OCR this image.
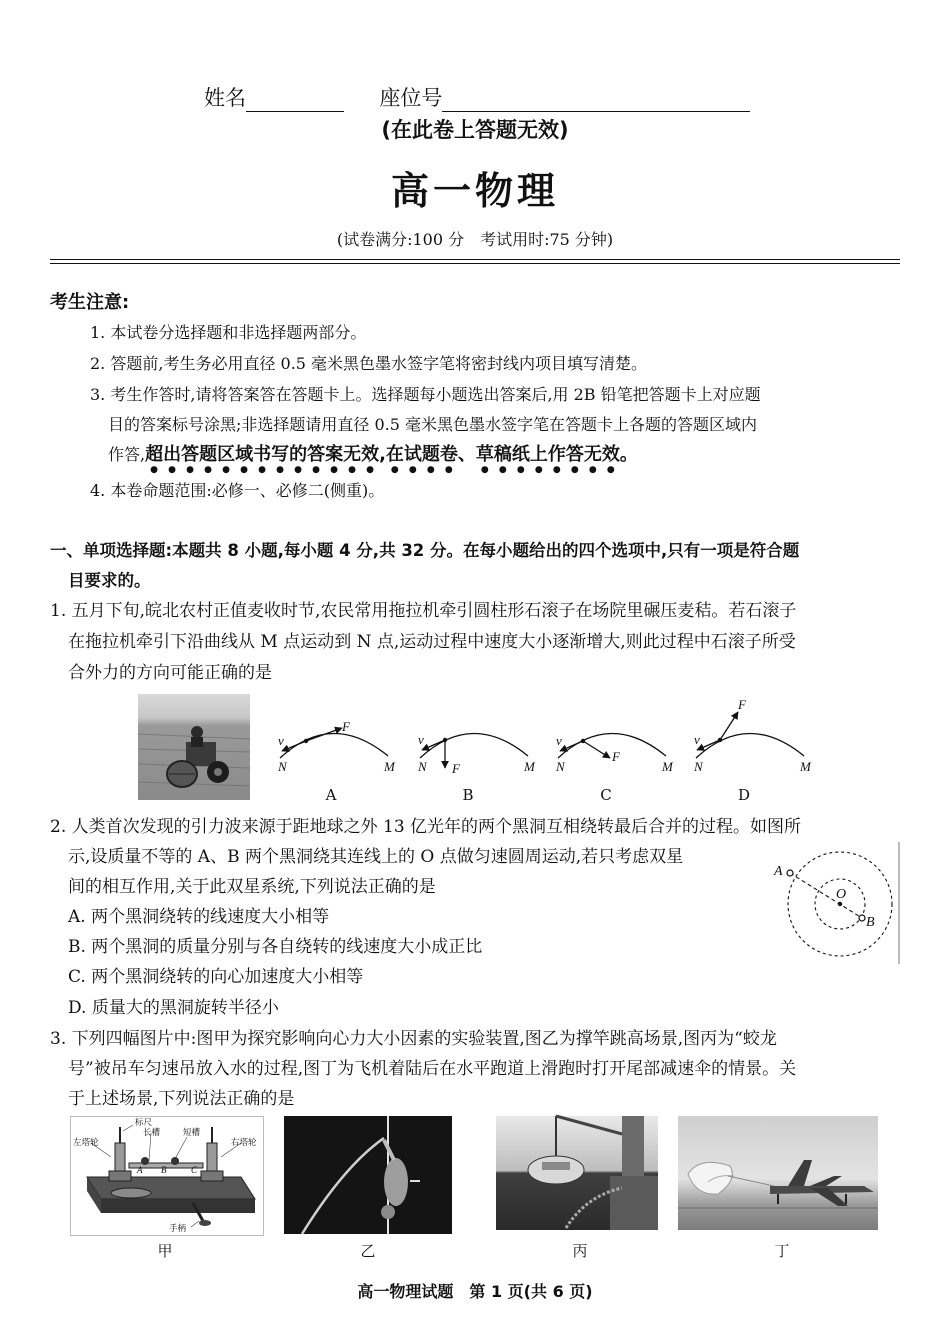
姓名	座位号
(在此卷上答题无效)
高一物理
(试卷满分:100 分　考试用时:75 分钟)
考生注意:
1. 本试卷分选择题和非选择题两部分。
2. 答题前,考生务必用直径 0.5 毫米黑色墨水签字笔将密封线内项目填写清楚。
3. 考生作答时,请将答案答在答题卡上。选择题每小题选出答案后,用 2B 铅笔把答题卡上对应题
目的答案标号涂黑;非选择题请用直径 0.5 毫米黑色墨水签字笔在答题卡上各题的答题区域内
作答,超出答题区域书写的答案无效,在试题卷、草稿纸上作答无效。
4. 本卷命题范围:必修一、必修二(侧重)。
一、单项选择题:本题共 8 小题,每小题 4 分,共 32 分。在每小题给出的四个选项中,只有一项是符合题
目要求的。
1. 五月下旬,皖北农村正值麦收时节,农民常用拖拉机牵引圆柱形石滚子在场院里碾压麦秸。若石滚子
在拖拉机牵引下沿曲线从 M 点运动到 N 点,运动过程中速度大小逐渐增大,则此过程中石滚子所受
合外力的方向可能正确的是
v
F
N	M
v
F
N	M
v
F
N	M
v
F
N	M
A	B	C	D
2. 人类首次发现的引力波来源于距地球之外 13 亿光年的两个黑洞互相绕转最后合并的过程。如图所
示,设质量不等的 A、B 两个黑洞绕其连线上的 O 点做匀速圆周运动,若只考虑双星
间的相互作用,关于此双星系统,下列说法正确的是
A. 两个黑洞绕转的线速度大小相等
B. 两个黑洞的质量分别与各自绕转的线速度大小成正比
C. 两个黑洞绕转的向心加速度大小相等
D. 质量大的黑洞旋转半径小
A
O
B
3. 下列四幅图片中:图甲为探究影响向心力大小因素的实验装置,图乙为撑竿跳高场景,图丙为“蛟龙
号”被吊车匀速吊放入水的过程,图丁为飞机着陆后在水平跑道上滑跑时打开尾部减速伞的情景。关
于上述场景,下列说法正确的是
标尺
长槽	短槽
左塔轮	右塔轮
手柄
A B	C
甲	乙	丙	丁
高一物理试题　第 1 页(共 6 页)
